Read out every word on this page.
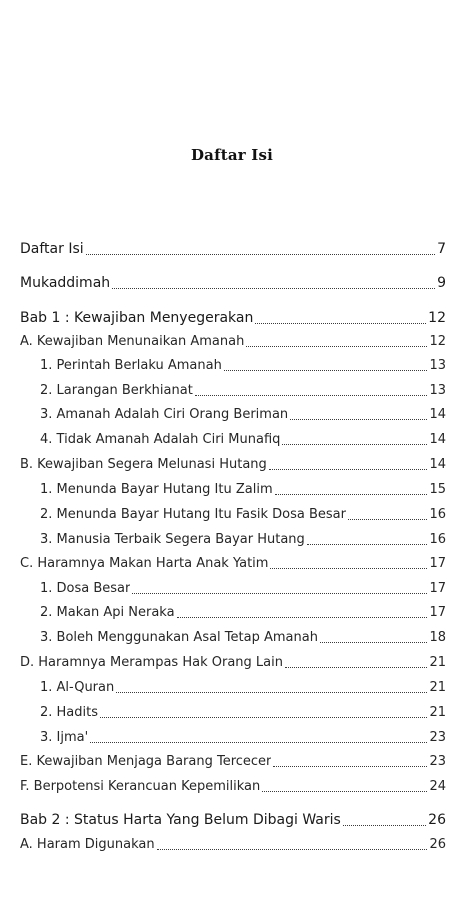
Daftar Isi
Daftar Isi	7
Mukaddimah	9
Bab 1 : Kewajiban Menyegerakan	12
A. Kewajiban Menunaikan Amanah	12
1. Perintah Berlaku Amanah	13
2. Larangan Berkhianat	13
3. Amanah Adalah Ciri Orang Beriman	14
4. Tidak Amanah Adalah Ciri Munafiq	14
B. Kewajiban Segera Melunasi Hutang	14
1. Menunda Bayar Hutang Itu Zalim	15
2. Menunda Bayar Hutang Itu Fasik Dosa Besar	16
3. Manusia Terbaik Segera Bayar Hutang	16
C. Haramnya Makan Harta Anak Yatim	17
1. Dosa Besar	17
2. Makan Api Neraka	17
3. Boleh Menggunakan Asal Tetap Amanah	18
D. Haramnya Merampas Hak Orang Lain	21
1. Al-Quran	21
2. Hadits	21
3. Ijma'	23
E. Kewajiban Menjaga Barang Tercecer	23
F. Berpotensi Kerancuan Kepemilikan	24
Bab 2 : Status Harta Yang Belum Dibagi Waris	26
A. Haram Digunakan	26
